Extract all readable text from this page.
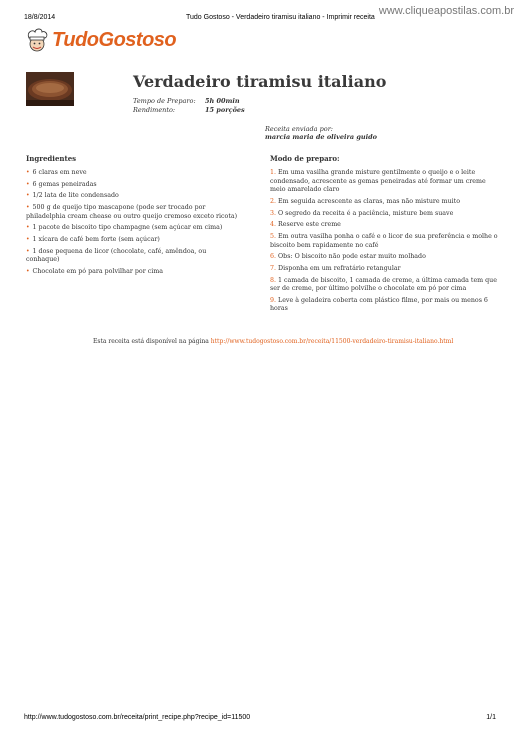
18/8/2014	Tudo Gostoso - Verdadeiro tiramisu italiano - Imprimir receita
www.cliqueapostilas.com.br
TudoGostoso
Verdadeiro tiramisu italiano
Tempo de Preparo: 5h 00min
Rendimento:	15 porções
Receita enviada por:
marcia maria de oliveira guido
Ingredientes
• 6 claras em neve
• 6 gemas peneiradas
• 1/2 lata de lite condensado
• 500 g de queijo tipo mascapone (pode ser trocado por philadelphia cream chease ou outro queijo cremoso exceto ricota)
• 1 pacote de biscoito tipo champagne (sem açúcar em cima)
• 1 xícara de café bem forte (sem açúcar)
• 1 dose pequena de licor (chocolate, café, amêndoa, ou conhaque)
• Chocolate em pó para polvilhar por cima
Modo de preparo:
1. Em uma vasilha grande misture gentilmente o queijo e o leite condensado, acrescente as gemas peneiradas até formar um creme meio amarelado claro
2. Em seguida acrescente as claras, mas não misture muito
3. O segredo da receita é a paciência, misture bem suave
4. Reserve este creme
5. Em outra vasilha ponha o café e o licor de sua preferência e molhe o biscoito bem rapidamente no café
6. Obs: O biscoito não pode estar muito molhado
7. Disponha em um refratário retangular
8. 1 camada de biscoito, 1 camada de creme, a última camada tem que ser de creme, por último polvilhe o chocolate em pó por cima
9. Leve à geladeira coberta com plástico filme, por mais ou menos 6 horas
Esta receita está disponível na página http://www.tudogostoso.com.br/receita/11500-verdadeiro-tiramisu-italiano.html
http://www.tudogostoso.com.br/receita/print_recipe.php?recipe_id=11500	1/1
